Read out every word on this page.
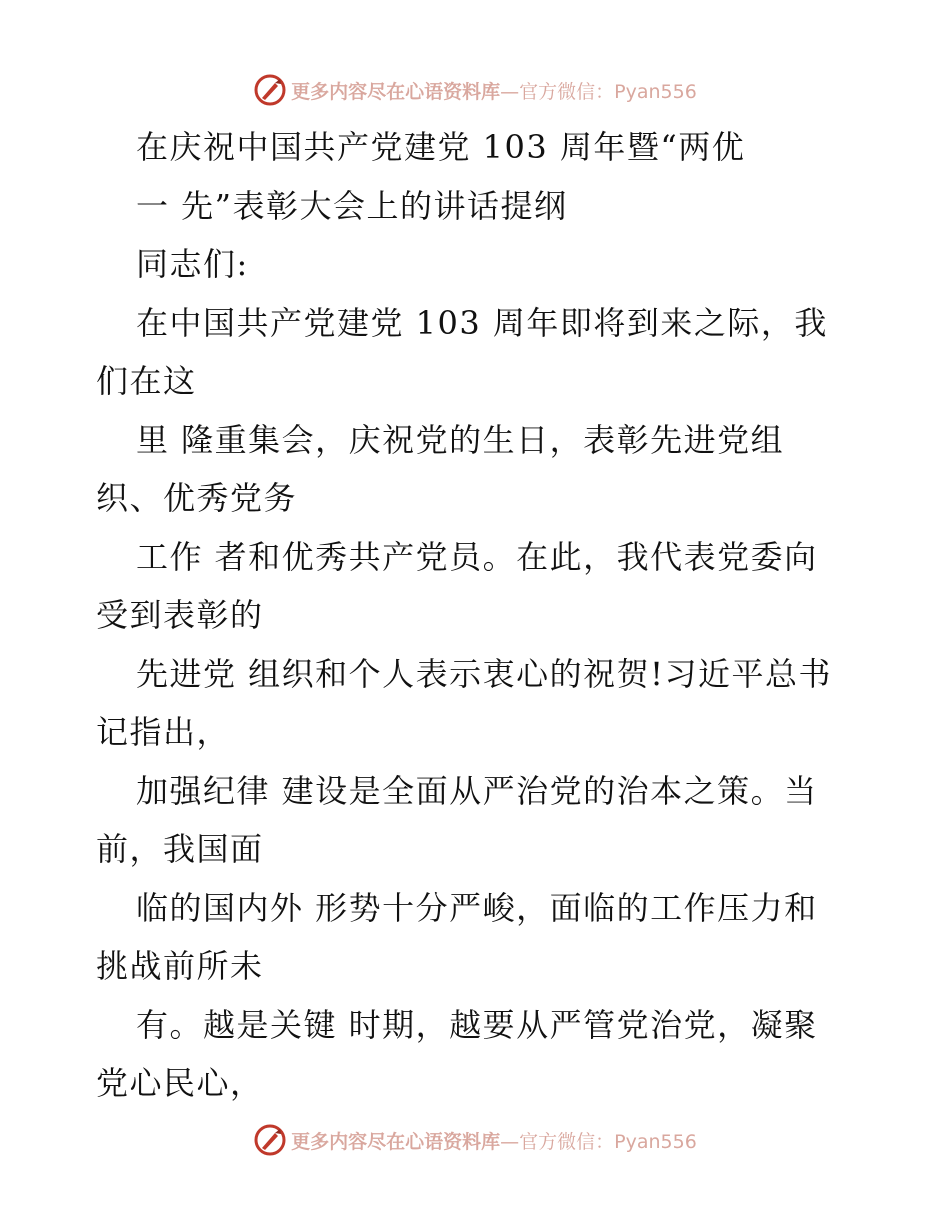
更多内容尽在心语资料库—官方微信：Pyan556
在庆祝中国共产党建党 103 周年暨“两优
一 先”表彰大会上的讲话提纲
同志们:
在中国共产党建党 103 周年即将到来之际，我
们在这
里 隆重集会，庆祝党的生日，表彰先进党组
织、优秀党务
工作 者和优秀共产党员。在此，我代表党委向
受到表彰的
先进党 组织和个人表示衷心的祝贺!习近平总书
记指出，
加强纪律 建设是全面从严治党的治本之策。当
前，我国面
临的国内外 形势十分严峻，面临的工作压力和
挑战前所未
有。越是关键 时期，越要从严管党治党，凝聚
党心民心，
更多内容尽在心语资料库—官方微信：Pyan556
